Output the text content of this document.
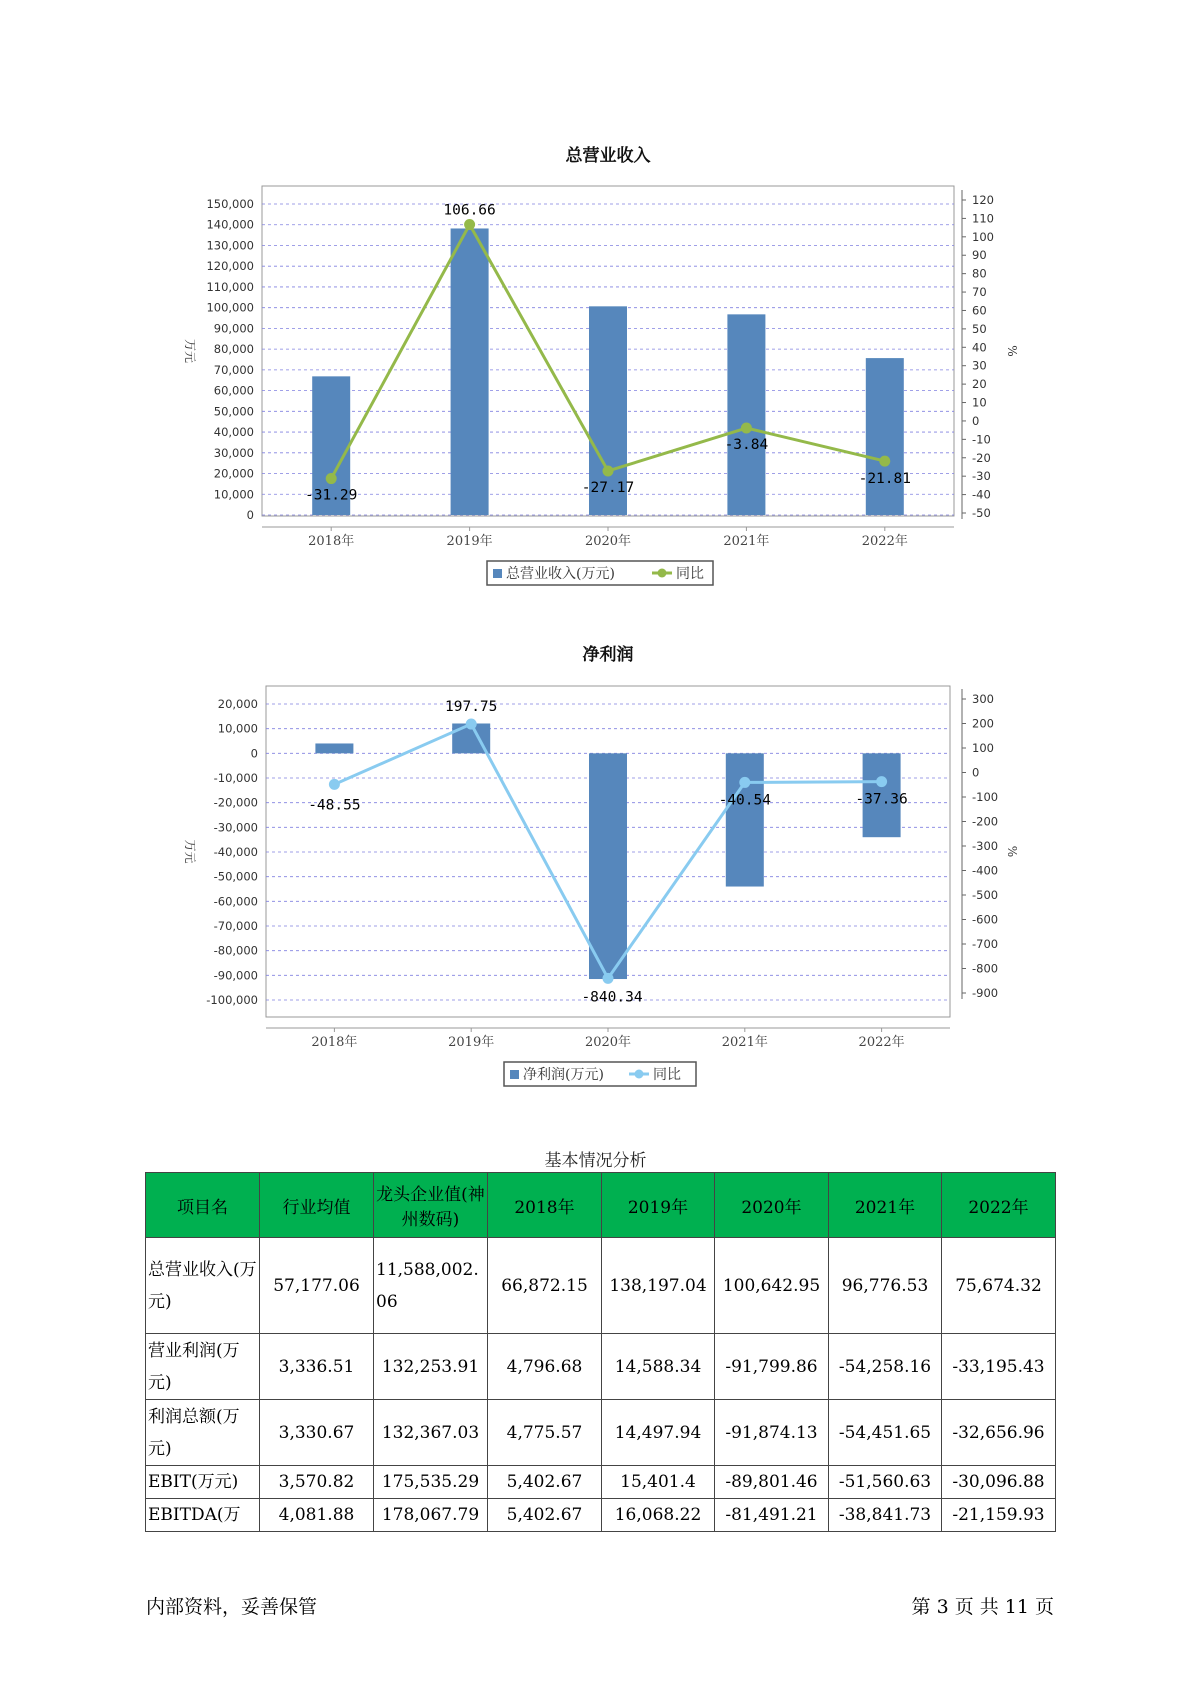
总营业收入
0
10,000
20,000
30,000
40,000
50,000
60,000
70,000
80,000
90,000
100,000
110,000
120,000
130,000
140,000
150,000
-50
-40
-30
-20
-10
0
10
20
30
40
50
60
70
80
90
100
110
120
万元	%
2018年	2019年	2020年	2021年	2022年
-31.29
106.66
-27.17
-3.84
-21.81
总营业收入(万元)	同比
净利润
-100,000
-90,000
-80,000
-70,000
-60,000
-50,000
-40,000
-30,000
-20,000
-10,000
0
10,000
20,000
-900
-800
-700
-600
-500
-400
-300
-200
-100
0
100
200
300
万元	%
2018年	2019年	2020年	2021年	2022年
-48.55
197.75
-840.34
-40.54	-37.36
净利润(万元)	同比
基本情况分析
项目名	行业均值	龙头企业值(神州数码)	2018年	2019年	2020年	2021年	2022年
总营业收入(万元)	57,177.06	11,588,002.06	66,872.15	138,197.04	100,642.95	96,776.53	75,674.32
营业利润(万元)	3,336.51	132,253.91	4,796.68	14,588.34	-91,799.86	-54,258.16	-33,195.43
利润总额(万元)	3,330.67	132,367.03	4,775.57	14,497.94	-91,874.13	-54,451.65	-32,656.96
EBIT(万元)	3,570.82	175,535.29	5,402.67	15,401.4	-89,801.46	-51,560.63	-30,096.88
EBITDA(万	4,081.88	178,067.79	5,402.67	16,068.22	-81,491.21	-38,841.73	-21,159.93
内部资料，妥善保管	第 3 页 共 11 页
